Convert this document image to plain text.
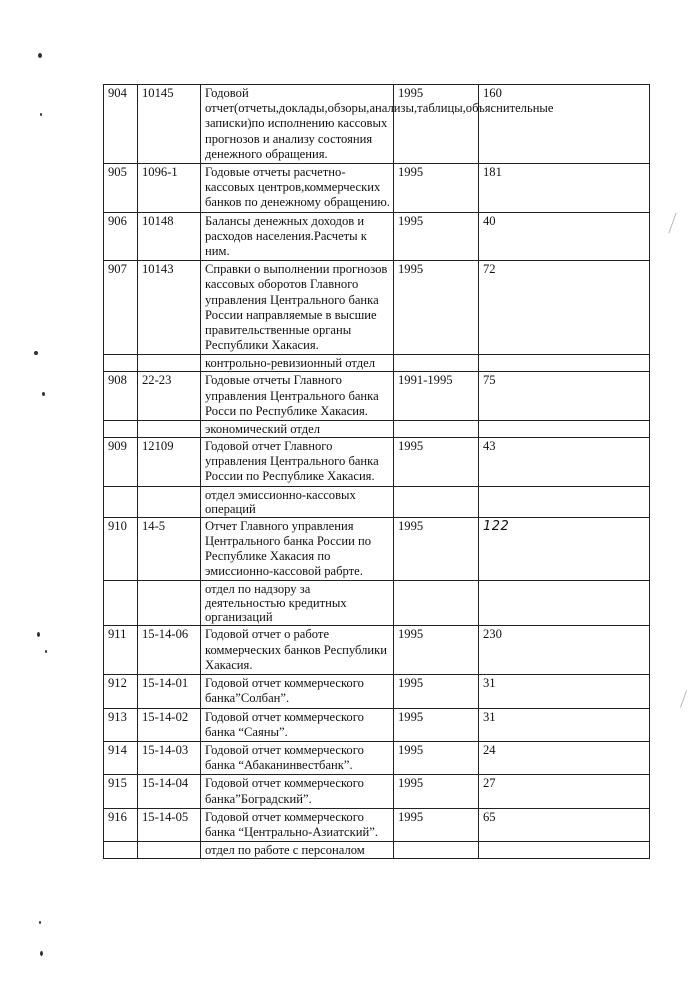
904	10145	Годовой отчет(отчеты,доклады,обзоры,анализы,таблицы,объяснительные записки)по исполнению кассовых прогнозов и анализу состояния денежного обращения.	1995	160
905	1096-1	Годовые отчеты расчетно-кассовых центров,коммерческих банков по денежному обращению.	1995	181
906	10148	Балансы денежных доходов и расходов населения.Расчеты к ним.	1995	40
907	10143	Справки о выполнении прогнозов кассовых оборотов Главного управления Центрального банка России направляемые в высшие правительственные органы Республики Хакасия.	1995	72
		контрольно-ревизионный отдел		
908	22-23	Годовые отчеты Главного управления Центрального банка Росси по Республике Хакасия.	1991-1995	75
		экономический отдел		
909	12109	Годовой отчет Главного управления Центрального банка России по Республике Хакасия.	1995	43
		отдел эмиссионно-кассовых операций		
910	14-5	Отчет Главного управления Центрального банка России по Республике Хакасия по эмиссионно-кассовой рабрте.	1995	122
		отдел по надзору за деятельностью кредитных организаций		
911	15-14-06	Годовой отчет о работе коммерческих банков Республики Хакасия.	1995	230
912	15-14-01	Годовой отчет коммерческого банка”Солбан”.	1995	31
913	15-14-02	Годовой отчет коммерческого банка “Саяны”.	1995	31
914	15-14-03	Годовой отчет коммерческого банка “Абаканинвестбанк”.	1995	24
915	15-14-04	Годовой отчет коммерческого банка”Боградский”.	1995	27
916	15-14-05	Годовой отчет коммерческого банка “Центрально-Азиатский”.	1995	65
		отдел по работе с персоналом		
